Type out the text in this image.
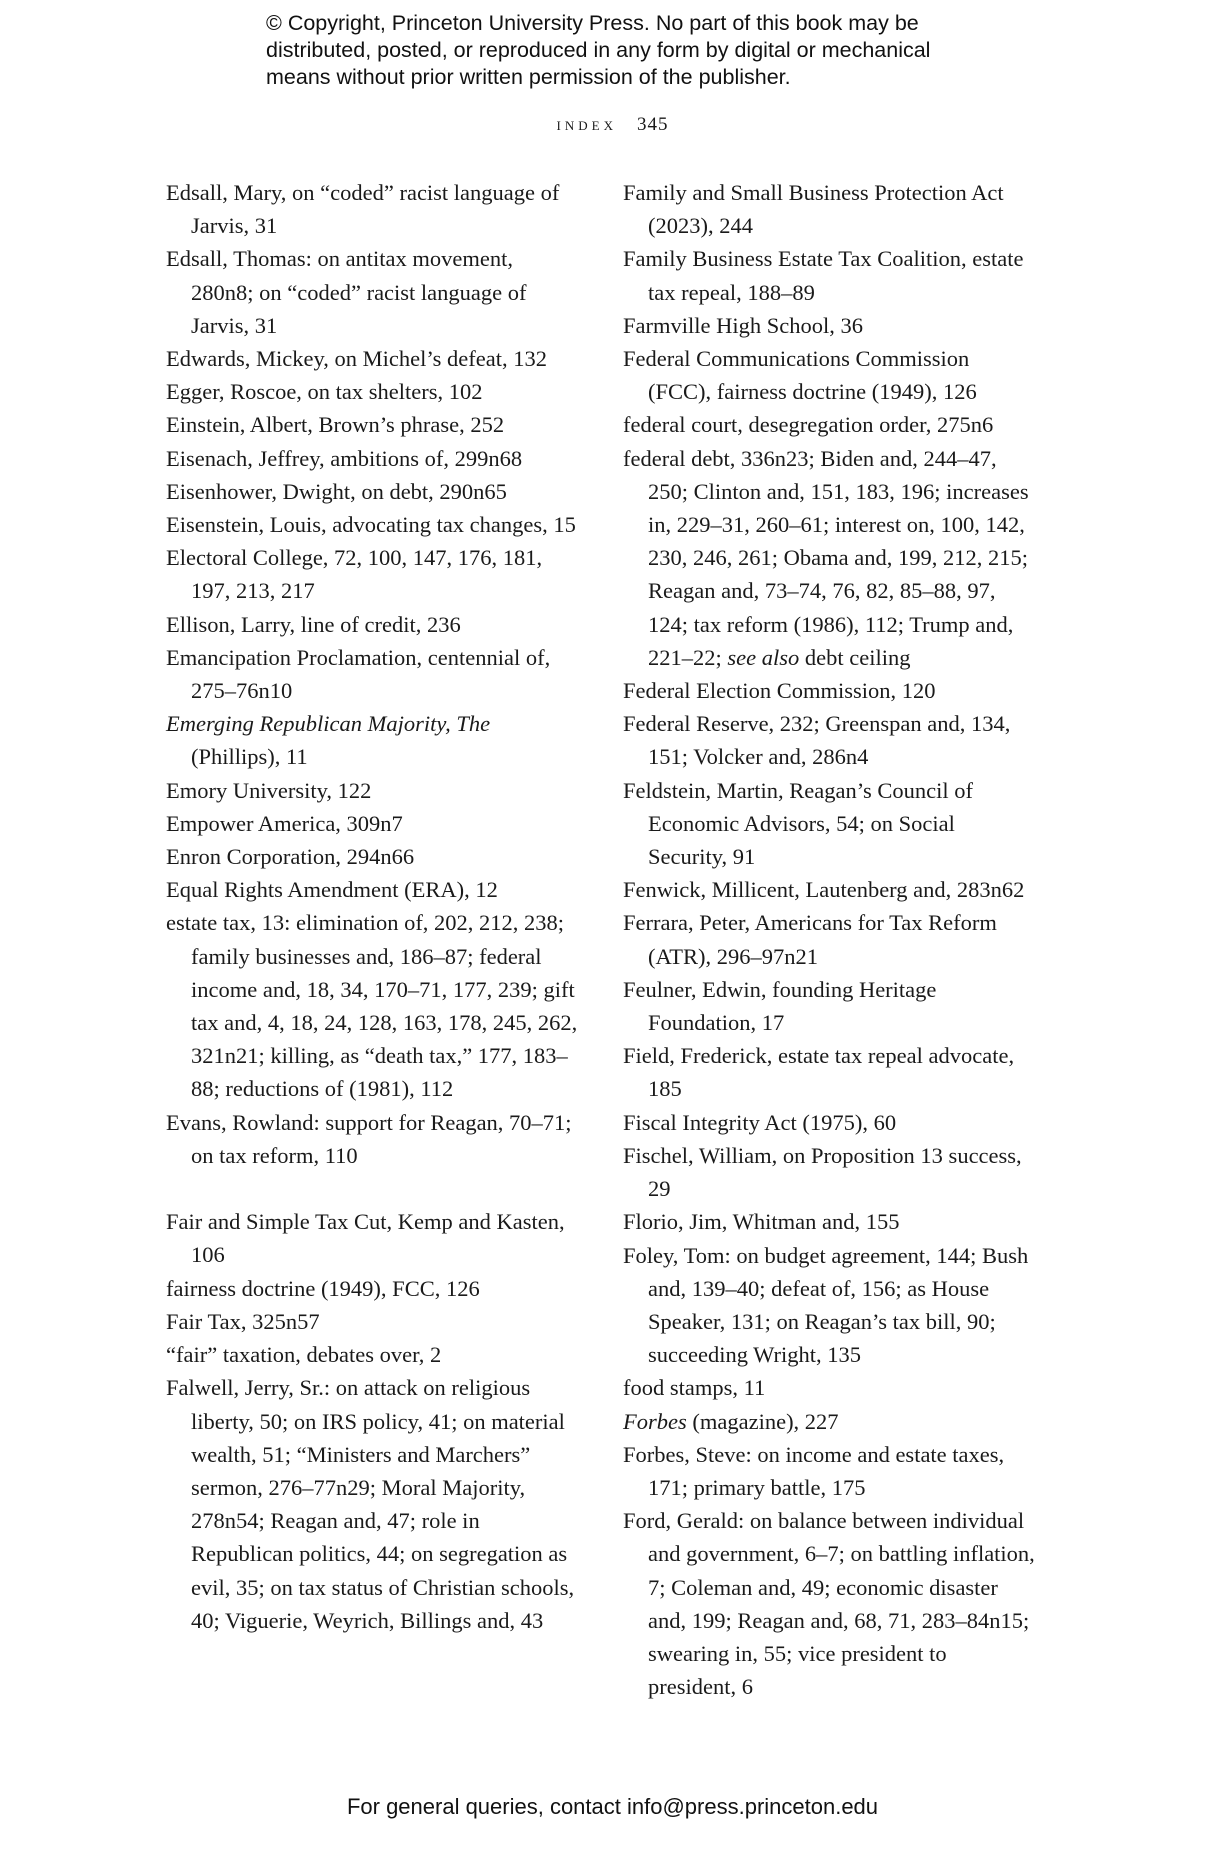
© Copyright, Princeton University Press. No part of this book may be
distributed, posted, or reproduced in any form by digital or mechanical
means without prior written permission of the publisher.
index 345

Edsall, Mary, on “coded” racist language of Jarvis, 31

Edsall, Thomas: on antitax movement, 280n8; on “coded” racist language of Jarvis, 31

Edwards, Mickey, on Michel’s defeat, 132

Egger, Roscoe, on tax shelters, 102

Einstein, Albert, Brown’s phrase, 252

Eisenach, Jeffrey, ambitions of, 299n68

Eisenhower, Dwight, on debt, 290n65

Eisenstein, Louis, advocating tax changes, 15

Electoral College, 72, 100, 147, 176, 181, 197, 213, 217

Ellison, Larry, line of credit, 236

Emancipation Proclamation, centennial of, 275–76n10

Emerging Republican Majority, The (Phillips), 11

Emory University, 122

Empower America, 309n7

Enron Corporation, 294n66

Equal Rights Amendment (ERA), 12

estate tax, 13: elimination of, 202, 212, 238; family businesses and, 186–87; federal income and, 18, 34, 170–71, 177, 239; gift tax and, 4, 18, 24, 128, 163, 178, 245, 262, 321n21; killing, as “death tax,” 177, 183–88; reductions of (1981), 112

Evans, Rowland: support for Reagan, 70–71; on tax reform, 110

Fair and Simple Tax Cut, Kemp and Kasten, 106

fairness doctrine (1949), FCC, 126

Fair Tax, 325n57

“fair” taxation, debates over, 2

Falwell, Jerry, Sr.: on attack on religious liberty, 50; on IRS policy, 41; on material wealth, 51; “Ministers and Marchers” sermon, 276–77n29; Moral Majority, 278n54; Reagan and, 47; role in Republican politics, 44; on segregation as evil, 35; on tax status of Christian schools, 40; Viguerie, Weyrich, Billings and, 43

Family and Small Business Protection Act (2023), 244

Family Business Estate Tax Coalition, estate tax repeal, 188–89

Farmville High School, 36

Federal Communications Commission (FCC), fairness doctrine (1949), 126

federal court, desegregation order, 275n6

federal debt, 336n23; Biden and, 244–47, 250; Clinton and, 151, 183, 196; increases in, 229–31, 260–61; interest on, 100, 142, 230, 246, 261; Obama and, 199, 212, 215; Reagan and, 73–74, 76, 82, 85–88, 97, 124; tax reform (1986), 112; Trump and, 221–22; see also debt ceiling

Federal Election Commission, 120

Federal Reserve, 232; Greenspan and, 134, 151; Volcker and, 286n4

Feldstein, Martin, Reagan’s Council of Economic Advisors, 54; on Social Security, 91

Fenwick, Millicent, Lautenberg and, 283n62

Ferrara, Peter, Americans for Tax Reform (ATR), 296–97n21

Feulner, Edwin, founding Heritage Foundation, 17

Field, Frederick, estate tax repeal advocate, 185

Fiscal Integrity Act (1975), 60

Fischel, William, on Proposition 13 success, 29

Florio, Jim, Whitman and, 155

Foley, Tom: on budget agreement, 144; Bush and, 139–40; defeat of, 156; as House Speaker, 131; on Reagan’s tax bill, 90; succeeding Wright, 135

food stamps, 11

Forbes (magazine), 227

Forbes, Steve: on income and estate taxes, 171; primary battle, 175

Ford, Gerald: on balance between individual and government, 6–7; on battling inflation, 7; Coleman and, 49; economic disaster and, 199; Reagan and, 68, 71, 283–84n15; swearing in, 55; vice president to president, 6

For general queries, contact info@press.princeton.edu
